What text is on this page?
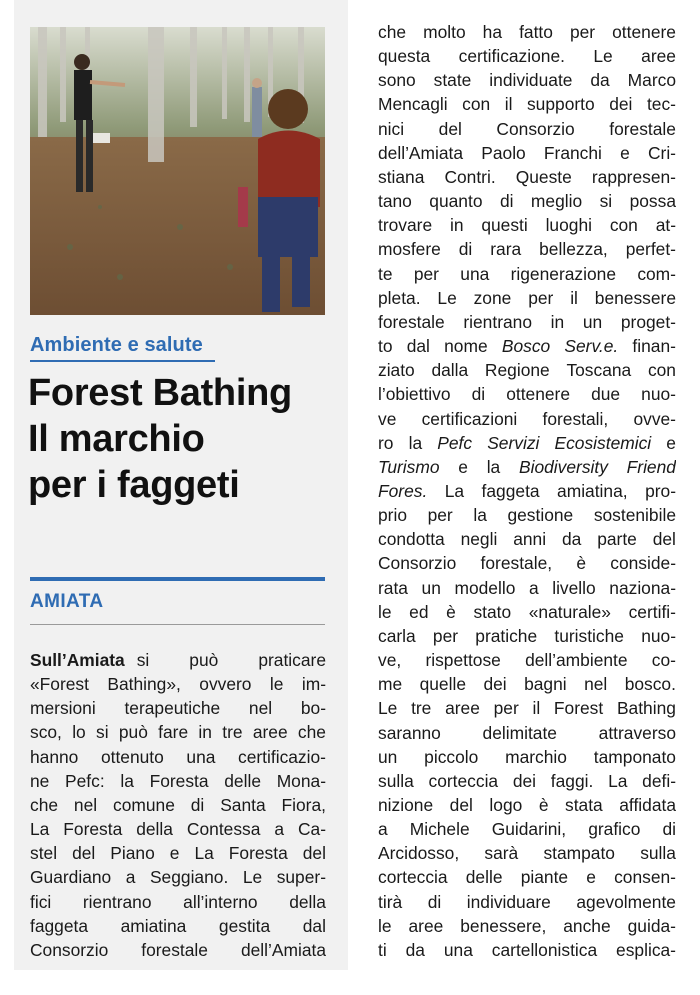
Ambiente e salute
Forest Bathing
Il marchio
per i faggeti
AMIATA
Sull’Amiata si può praticare
«Forest Bathing», ovvero le im-
mersioni terapeutiche nel bo-
sco, lo si può fare in tre aree che
hanno ottenuto una certificazio-
ne Pefc: la Foresta delle Mona-
che nel comune di Santa Fiora,
La Foresta della Contessa a Ca-
stel del Piano e La Foresta del
Guardiano a Seggiano. Le super-
fici rientrano all’interno della
faggeta amiatina gestita dal
Consorzio forestale dell’Amiata
che molto ha fatto per ottenere
questa certificazione. Le aree
sono state individuate da Marco
Mencagli con il supporto dei tec-
nici del Consorzio forestale
dell’Amiata Paolo Franchi e Cri-
stiana Contri. Queste rappresen-
tano quanto di meglio si possa
trovare in questi luoghi con at-
mosfere di rara bellezza, perfet-
te per una rigenerazione com-
pleta. Le zone per il benessere
forestale rientrano in un proget-
to dal nome Bosco Serv.e. finan-
ziato dalla Regione Toscana con
l’obiettivo di ottenere due nuo-
ve certificazioni forestali, ovve-
ro la Pefc Servizi Ecosistemici e
Turismo e la Biodiversity Friend
Fores. La faggeta amiatina, pro-
prio per la gestione sostenibile
condotta negli anni da parte del
Consorzio forestale, è conside-
rata un modello a livello naziona-
le ed è stato «naturale» certifi-
carla per pratiche turistiche nuo-
ve, rispettose dell’ambiente co-
me quelle dei bagni nel bosco.
Le tre aree per il Forest Bathing
saranno delimitate attraverso
un piccolo marchio tamponato
sulla corteccia dei faggi. La defi-
nizione del logo è stata affidata
a Michele Guidarini, grafico di
Arcidosso, sarà stampato sulla
corteccia delle piante e consen-
tirà di individuare agevolmente
le aree benessere, anche guida-
ti da una cartellonistica esplica-
